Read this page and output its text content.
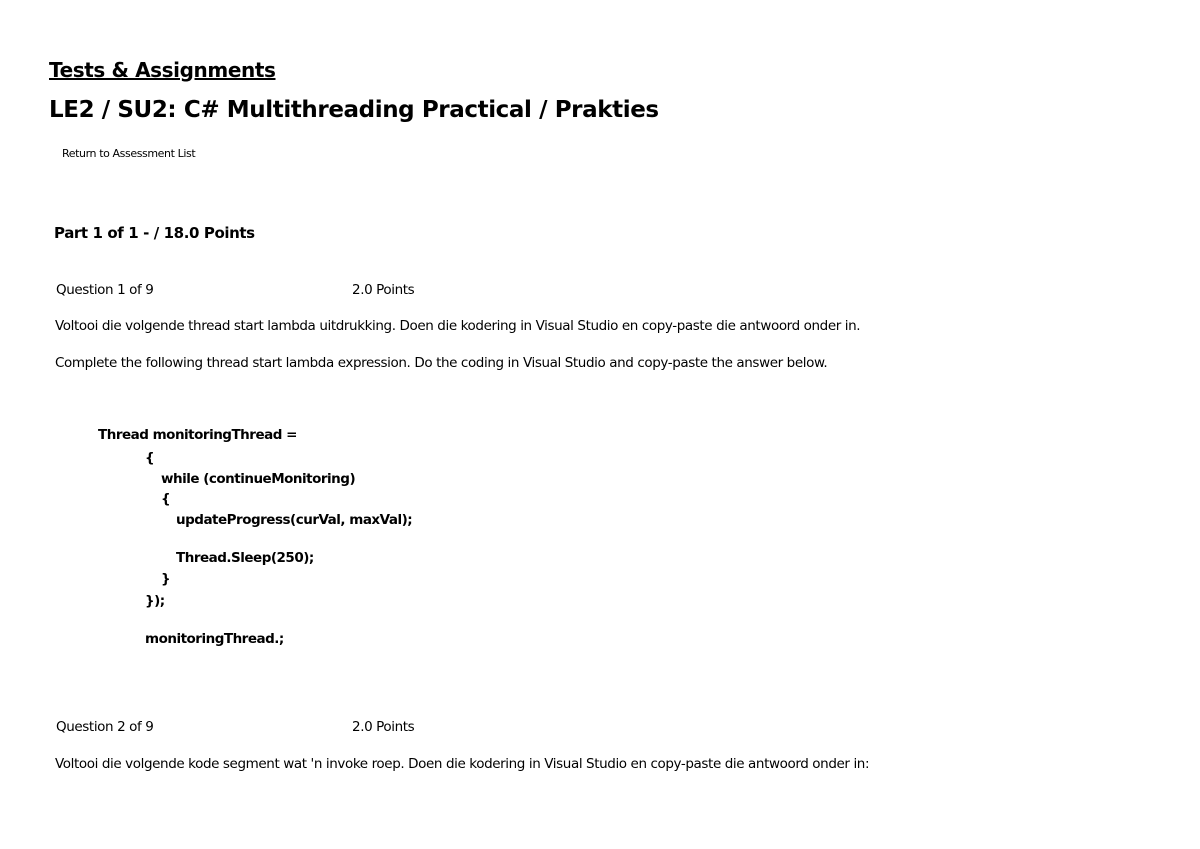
Tests & Assignments
LE2 / SU2: C# Multithreading Practical / Prakties
Return to Assessment List
Part 1 of 1 - / 18.0 Points
Question 1 of 9	2.0 Points
Voltooi die volgende thread start lambda uitdrukking. Doen die kodering in Visual Studio en copy-paste die antwoord onder in.
Complete the following thread start lambda expression. Do the coding in Visual Studio and copy-paste the answer below.
Thread monitoringThread =
{
while (continueMonitoring)
{
updateProgress(curVal, maxVal);
Thread.Sleep(250);
}
});
monitoringThread.;
Question 2 of 9	2.0 Points
Voltooi die volgende kode segment wat 'n invoke roep. Doen die kodering in Visual Studio en copy-paste die antwoord onder in:
